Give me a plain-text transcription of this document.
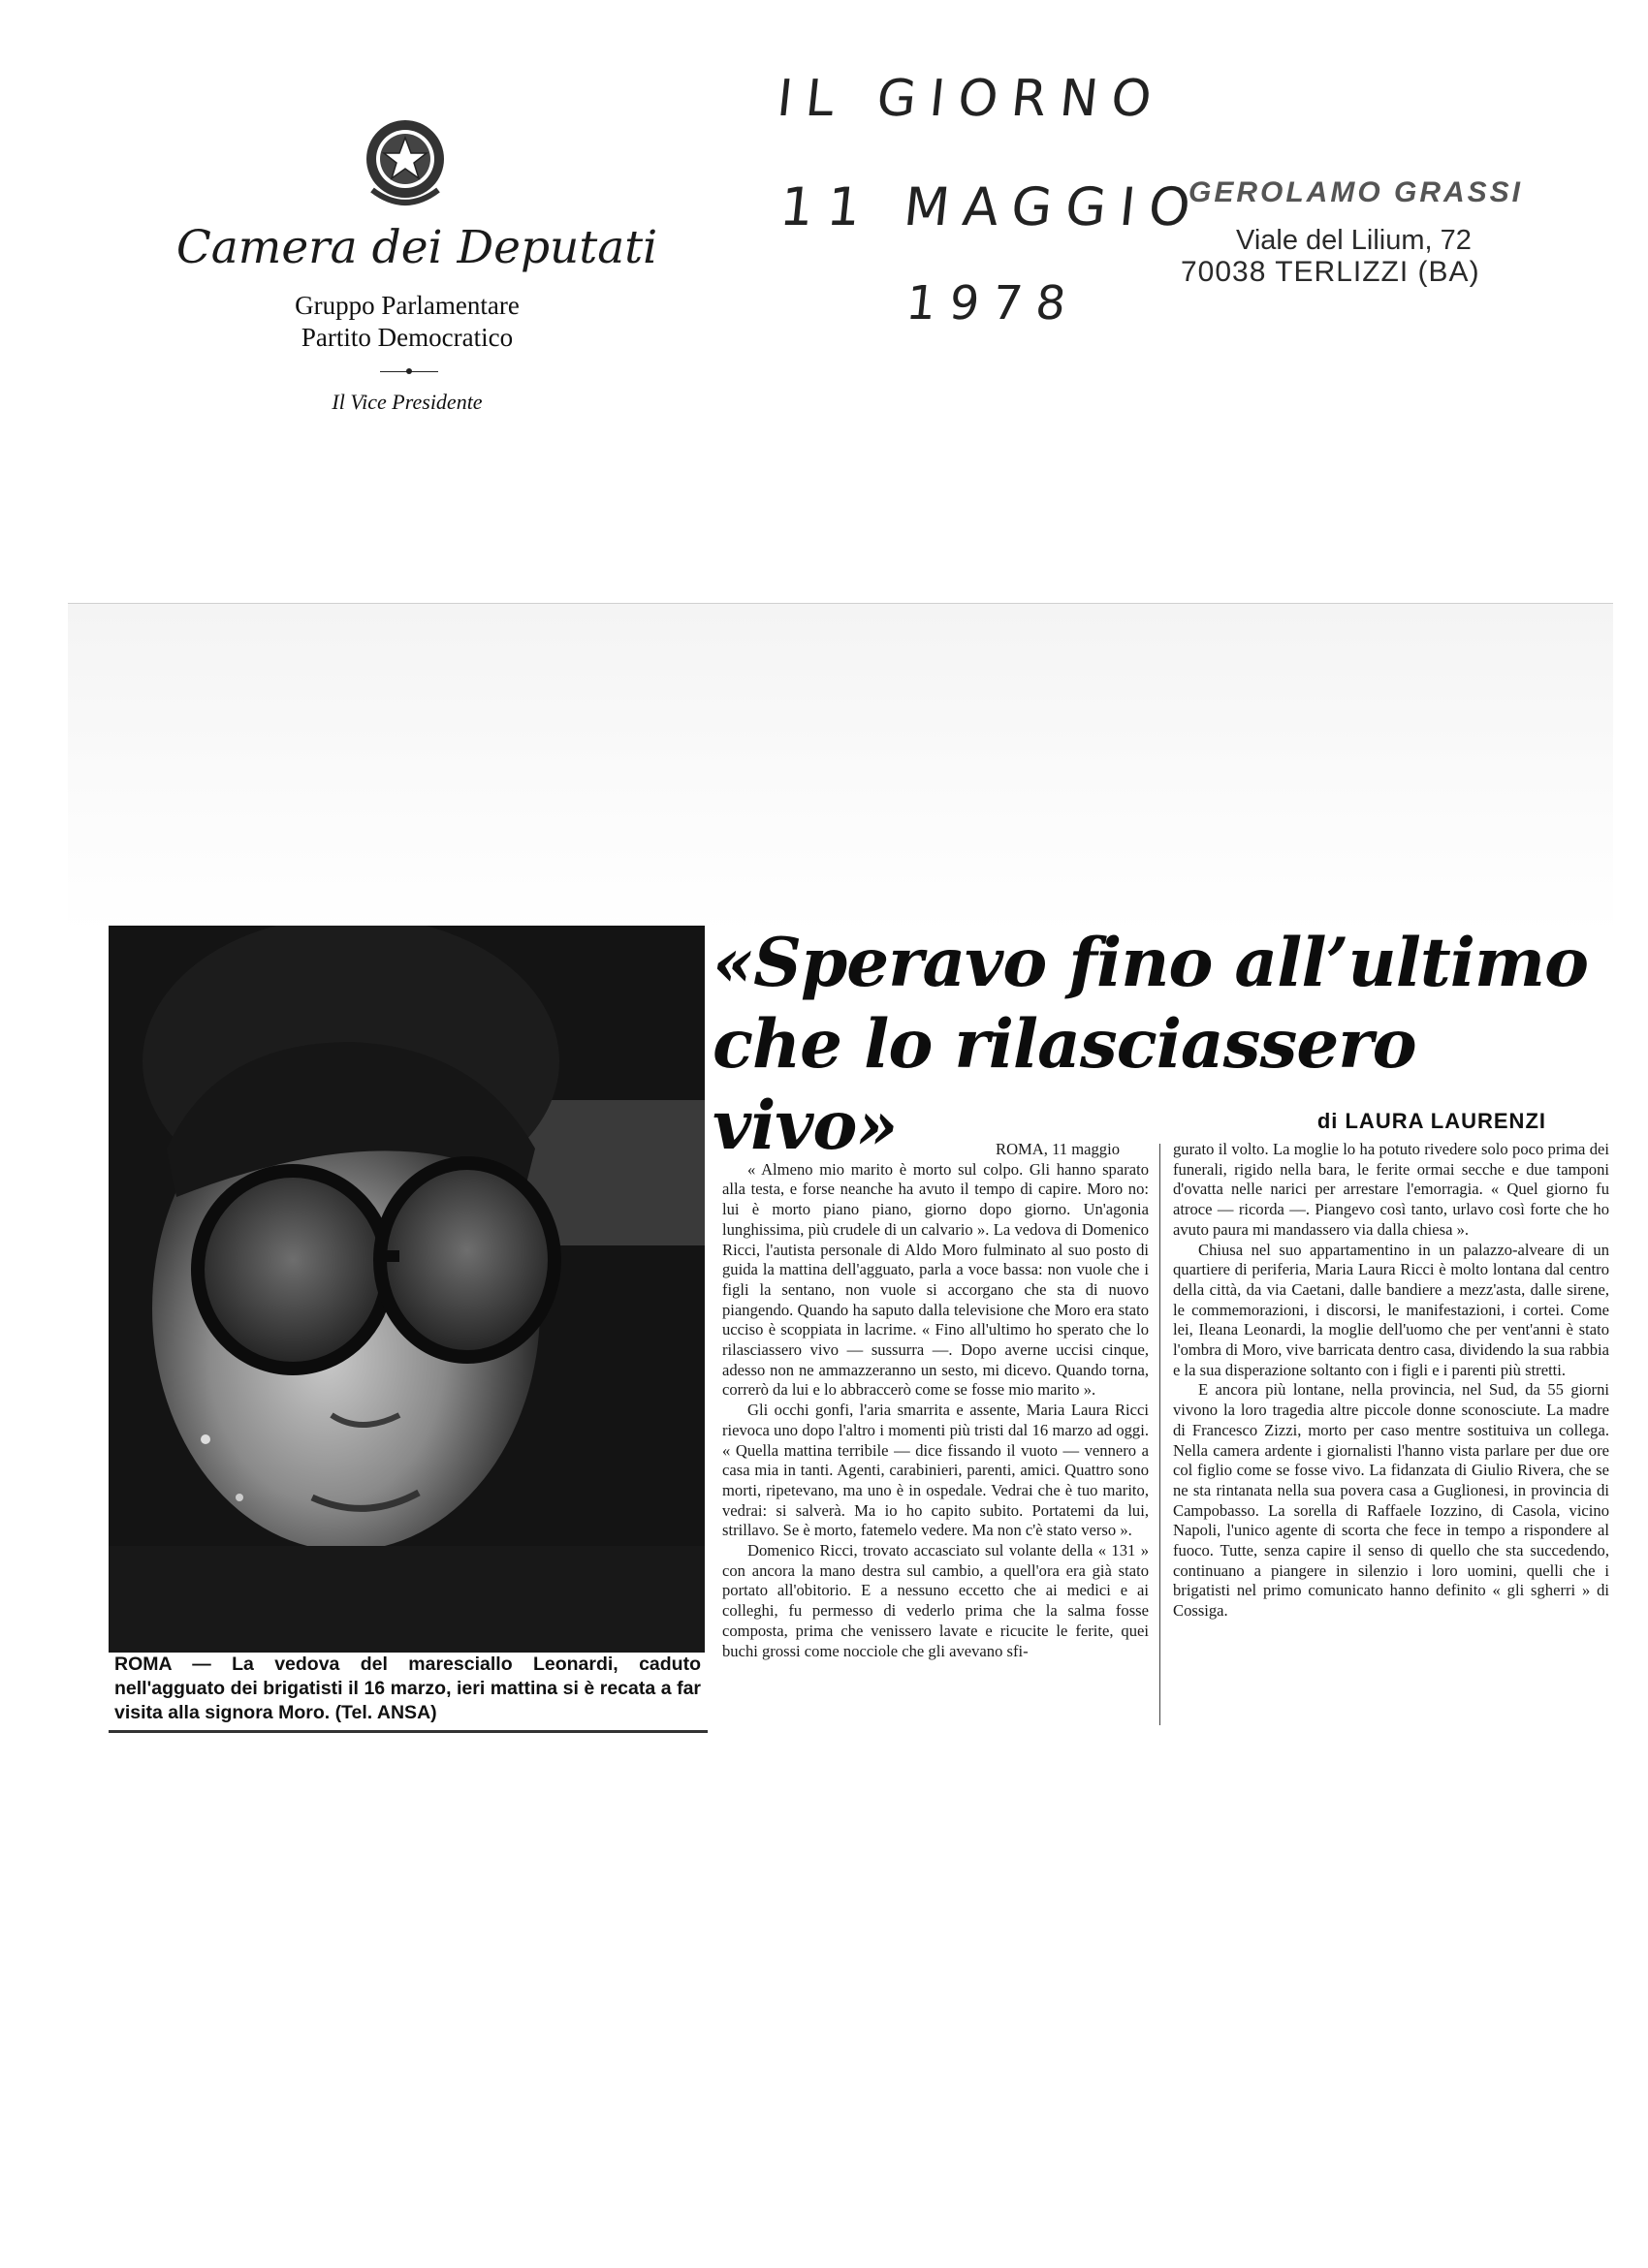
Camera dei Deputati
Gruppo Parlamentare
Partito Democratico
Il Vice Presidente
IL GIORNO
11 MAGGIO
1978
GEROLAMO GRASSI
Viale del Lilium, 72
70038 TERLIZZI (BA)
ROMA — La vedova del maresciallo Leonardi, caduto nell'agguato dei brigatisti il 16 marzo, ieri mattina si è recata a far visita alla signora Moro. (Tel. ANSA)
«Speravo fino all’ultimo
che lo rilasciassero vivo»	di LAURA LAURENZI

ROMA, 11 maggio

« Almeno mio marito è morto sul colpo. Gli hanno sparato alla testa, e forse neanche ha avuto il tempo di capire. Moro no: lui è morto piano piano, giorno dopo giorno. Un'agonia lunghissima, più crudele di un calvario ». La vedova di Domenico Ricci, l'autista personale di Aldo Moro fulminato al suo posto di guida la mattina dell'agguato, parla a voce bassa: non vuole che i figli la sentano, non vuole si accorgano che sta di nuovo piangendo. Quando ha saputo dalla televisione che Moro era stato ucciso è scoppiata in lacrime. « Fino all'ultimo ho sperato che lo rilasciassero vivo — sussurra —. Dopo averne uccisi cinque, adesso non ne ammazzeranno un sesto, mi dicevo. Quando torna, correrò da lui e lo abbraccerò come se fosse mio marito ».

Gli occhi gonfi, l'aria smarrita e assente, Maria Laura Ricci rievoca uno dopo l'altro i momenti più tristi dal 16 marzo ad oggi. « Quella mattina terribile — dice fissando il vuoto — vennero a casa mia in tanti. Agenti, carabinieri, parenti, amici. Quattro sono morti, ripetevano, ma uno è in ospedale. Vedrai che è tuo marito, vedrai: si salverà. Ma io ho capito subito. Portatemi da lui, strillavo. Se è morto, fatemelo vedere. Ma non c'è stato verso ».

Domenico Ricci, trovato accasciato sul volante della « 131 » con ancora la mano destra sul cambio, a quell'ora era già stato portato all'obitorio. E a nessuno eccetto che ai medici e ai colleghi, fu permesso di vederlo prima che la salma fosse composta, prima che venissero lavate e ricucite le ferite, quei buchi grossi come nocciole che gli avevano sfi-

gurato il volto. La moglie lo ha potuto rivedere solo poco prima dei funerali, rigido nella bara, le ferite ormai secche e due tamponi d'ovatta nelle narici per arrestare l'emorragia. « Quel giorno fu atroce — ricorda —. Piangevo così tanto, urlavo così forte che ho avuto paura mi mandassero via dalla chiesa ».

Chiusa nel suo appartamentino in un palazzo-alveare di un quartiere di periferia, Maria Laura Ricci è molto lontana dal centro della città, da via Caetani, dalle bandiere a mezz'asta, dalle sirene, le commemorazioni, i discorsi, le manifestazioni, i cortei. Come lei, Ileana Leonardi, la moglie dell'uomo che per vent'anni è stato l'ombra di Moro, vive barricata dentro casa, dividendo la sua rabbia e la sua disperazione soltanto con i figli e i parenti più stretti.

E ancora più lontane, nella provincia, nel Sud, da 55 giorni vivono la loro tragedia altre piccole donne sconosciute. La madre di Francesco Zizzi, morto per caso mentre sostituiva un collega. Nella camera ardente i giornalisti l'hanno vista parlare per due ore col figlio come se fosse vivo. La fidanzata di Giulio Rivera, che se ne sta rintanata nella sua povera casa a Guglionesi, in provincia di Campobasso. La sorella di Raffaele Iozzino, di Casola, vicino Napoli, l'unico agente di scorta che fece in tempo a rispondere al fuoco. Tutte, senza capire il senso di quello che sta succedendo, continuano a piangere in silenzio i loro uomini, quelli che i brigatisti nel primo comunicato hanno definito « gli sgherri » di Cossiga.
